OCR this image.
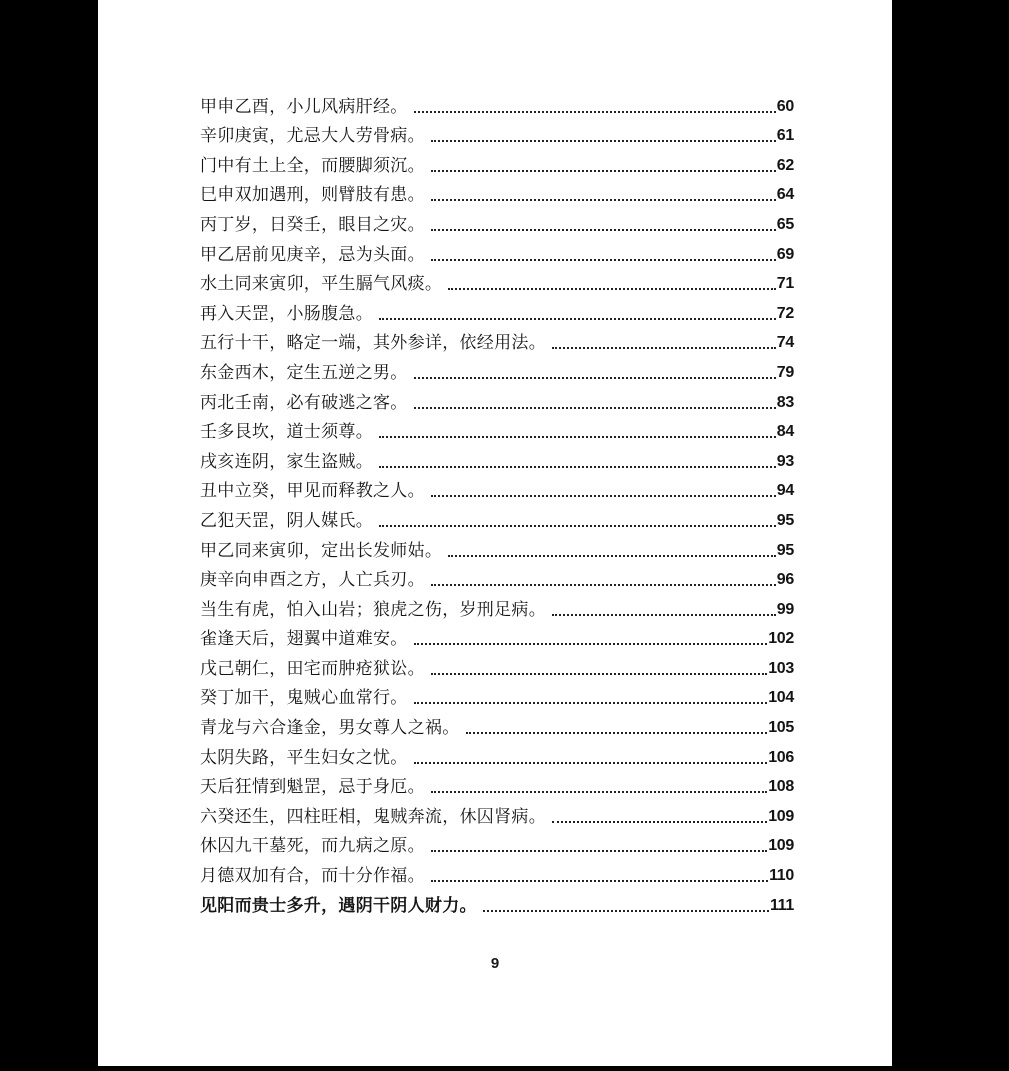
甲申乙酉，小儿风病肝经。	60
辛卯庚寅，尤忌大人劳骨病。	61
门中有土上全，而腰脚须沉。	62
巳申双加遇刑，则臂肢有患。	64
丙丁岁，日癸壬，眼目之灾。	65
甲乙居前见庚辛，忌为头面。	69
水土同来寅卯，平生膈气风痰。	71
再入天罡，小肠腹急。	72
五行十干，略定一端，其外参详，依经用法。	74
东金西木，定生五逆之男。	79
丙北壬南，必有破逃之客。	83
壬多艮坎，道士须尊。	84
戌亥连阴，家生盗贼。	93
丑中立癸，甲见而释教之人。	94
乙犯天罡，阴人媒氏。	95
甲乙同来寅卯，定出长发师姑。	95
庚辛向申酉之方，人亡兵刃。	96
当生有虎，怕入山岩；狼虎之伤，岁刑足病。	99
雀逢天后，翅翼中道难安。	102
戊己朝仁，田宅而肿疮狱讼。	103
癸丁加干，鬼贼心血常行。	104
青龙与六合逢金，男女尊人之祸。	105
太阴失路，平生妇女之忧。	106
天后狂情到魁罡，忌于身厄。	108
六癸还生，四柱旺相，鬼贼奔流，休囚肾病。	109
休囚九干墓死，而九病之原。	109
月德双加有合，而十分作福。	110
见阳而贵士多升，遇阴干阴人财力。	111
9
